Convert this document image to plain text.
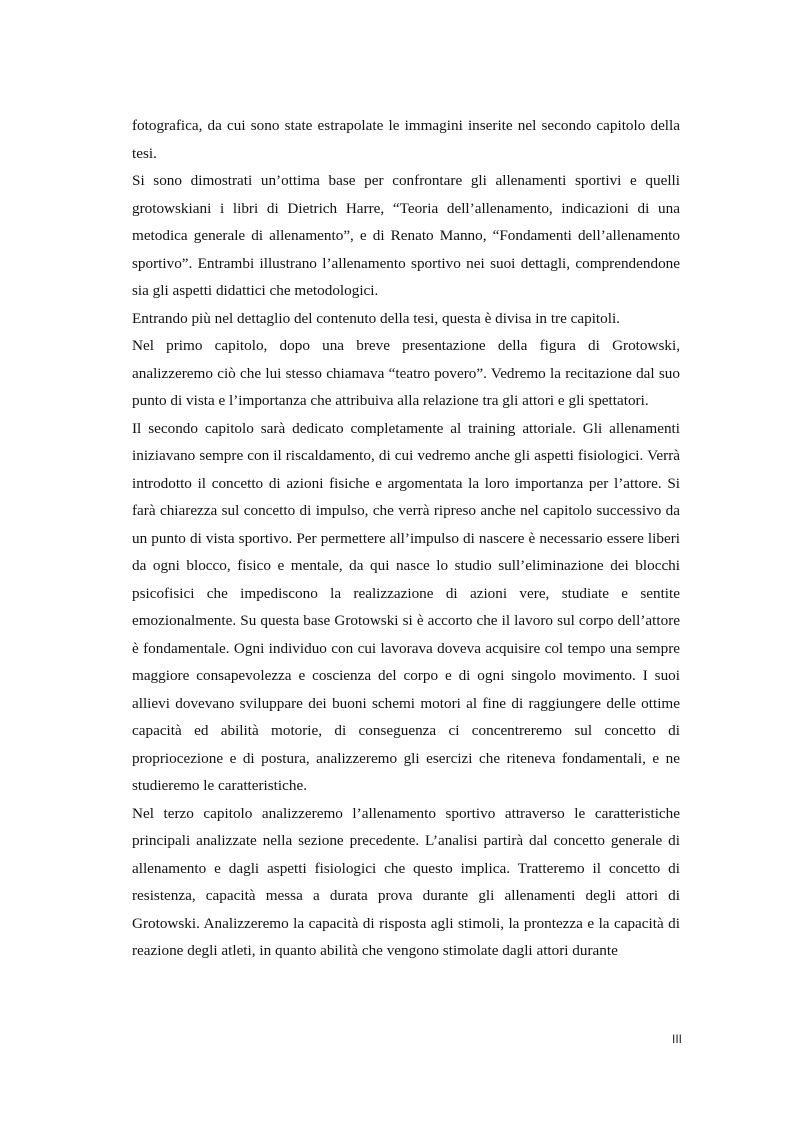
fotografica, da cui sono state estrapolate le immagini inserite nel secondo capitolo della tesi.

Si sono dimostrati un’ottima base per confrontare gli allenamenti sportivi e quelli grotowskiani i libri di Dietrich Harre, “Teoria dell’allenamento, indicazioni di una metodica generale di allenamento”, e di Renato Manno, “Fondamenti dell’allenamento sportivo”. Entrambi illustrano l’allenamento sportivo nei suoi dettagli, comprendendone sia gli aspetti didattici che metodologici.

Entrando più nel dettaglio del contenuto della tesi, questa è divisa in tre capitoli.

Nel primo capitolo, dopo una breve presentazione della figura di Grotowski, analizzeremo ciò che lui stesso chiamava “teatro povero”. Vedremo la recitazione dal suo punto di vista e l’importanza che attribuiva alla relazione tra gli attori e gli spettatori.

Il secondo capitolo sarà dedicato completamente al training attoriale. Gli allenamenti iniziavano sempre con il riscaldamento, di cui vedremo anche gli aspetti fisiologici. Verrà introdotto il concetto di azioni fisiche e argomentata la loro importanza per l’attore. Si farà chiarezza sul concetto di impulso, che verrà ripreso anche nel capitolo successivo da un punto di vista sportivo. Per permettere all’impulso di nascere è necessario essere liberi da ogni blocco, fisico e mentale, da qui nasce lo studio sull’eliminazione dei blocchi psicofisici che impediscono la realizzazione di azioni vere, studiate e sentite emozionalmente. Su questa base Grotowski si è accorto che il lavoro sul corpo dell’attore è fondamentale. Ogni individuo con cui lavorava doveva acquisire col tempo una sempre maggiore consapevolezza e coscienza del corpo e di ogni singolo movimento. I suoi allievi dovevano sviluppare dei buoni schemi motori al fine di raggiungere delle ottime capacità ed abilità motorie, di conseguenza ci concentreremo sul concetto di propriocezione e di postura, analizzeremo gli esercizi che riteneva fondamentali, e ne studieremo le caratteristiche.

Nel terzo capitolo analizzeremo l’allenamento sportivo attraverso le caratteristiche principali analizzate nella sezione precedente. L’analisi partirà dal concetto generale di allenamento e dagli aspetti fisiologici che questo implica. Tratteremo il concetto di resistenza, capacità messa a durata prova durante gli allenamenti degli attori di Grotowski. Analizzeremo la capacità di risposta agli stimoli, la prontezza e la capacità di reazione degli atleti, in quanto abilità che vengono stimolate dagli attori durante

III
